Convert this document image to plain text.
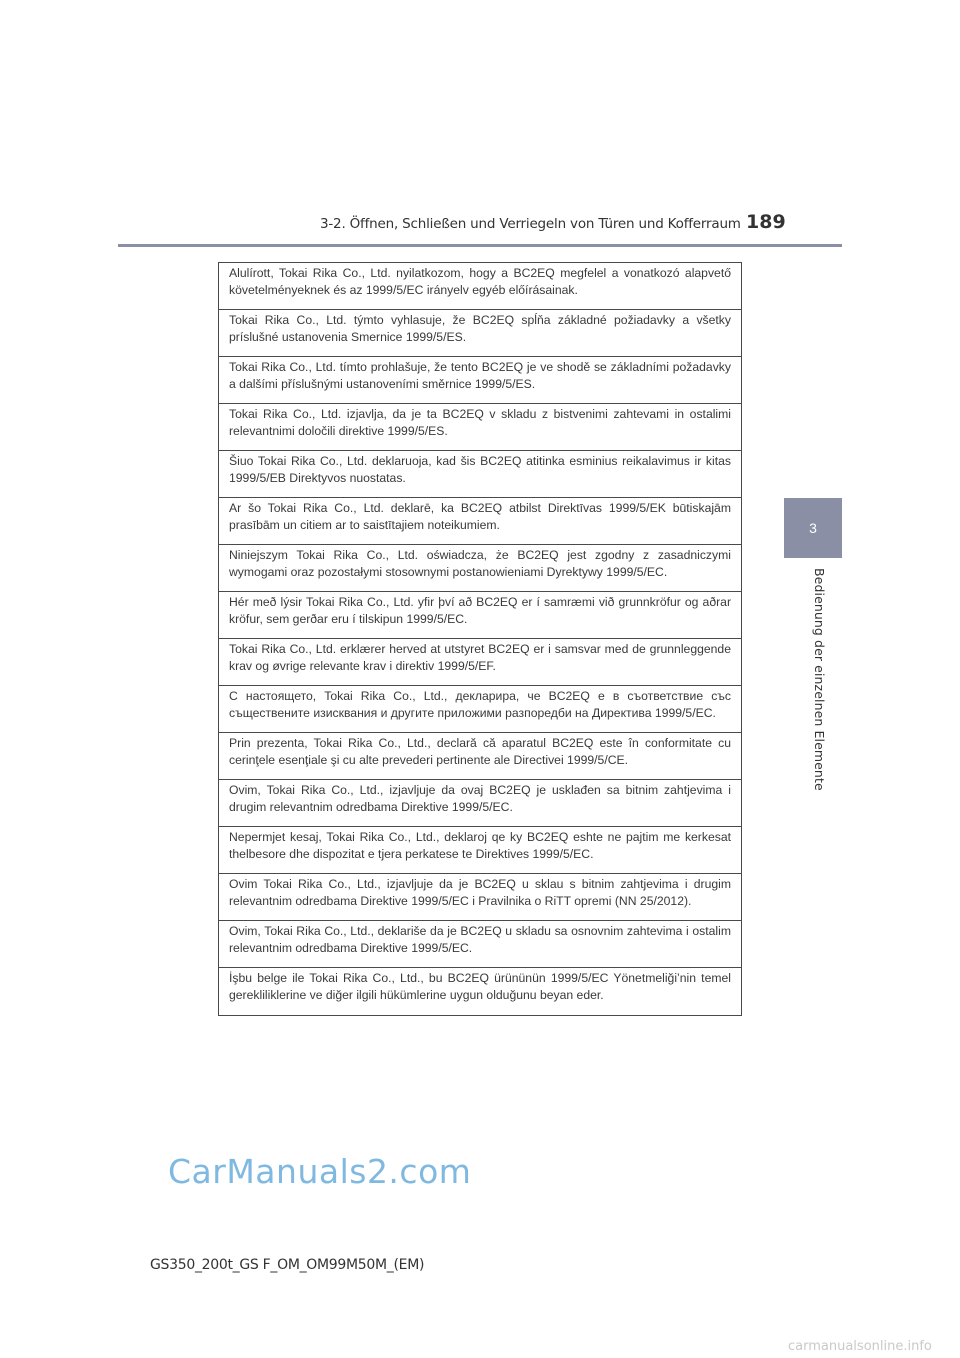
3-2. Öffnen, Schließen und Verriegeln von Türen und Kofferraum 189
3
Bedienung der einzelnen Elemente
Alulírott, Tokai Rika Co., Ltd. nyilatkozom, hogy a BC2EQ megfelel a vonatkozó alapvető követelményeknek és az 1999/5/EC irányelv egyéb előírásainak.
Tokai Rika Co., Ltd. týmto vyhlasuje, že BC2EQ spĺňa základné požiadavky a všetky príslušné ustanovenia Smernice 1999/5/ES.
Tokai Rika Co., Ltd. tímto prohlašuje, že tento BC2EQ je ve shodě se základními požadavky a dalšími příslušnými ustanoveními směrnice 1999/5/ES.
Tokai Rika Co., Ltd. izjavlja, da je ta BC2EQ v skladu z bistvenimi zahtevami in ostalimi relevantnimi določili direktive 1999/5/ES.
Šiuo Tokai Rika Co., Ltd. deklaruoja, kad šis BC2EQ atitinka esminius reikalavimus ir kitas 1999/5/EB Direktyvos nuostatas.
Ar šo Tokai Rika Co., Ltd. deklarē, ka BC2EQ atbilst Direktīvas 1999/5/EK būtiskajām prasībām un citiem ar to saistītajiem noteikumiem.
Niniejszym Tokai Rika Co., Ltd. oświadcza, że BC2EQ jest zgodny z zasadniczymi wymogami oraz pozostałymi stosownymi postanowieniami Dyrektywy 1999/5/EC.
Hér með lýsir Tokai Rika Co., Ltd. yfir því að BC2EQ er í samræmi við grunnkröfur og aðrar kröfur, sem gerðar eru í tilskipun 1999/5/EC.
Tokai Rika Co., Ltd. erklærer herved at utstyret BC2EQ er i samsvar med de grunnleggende krav og øvrige relevante krav i direktiv 1999/5/EF.
С настоящето, Tokai Rika Co., Ltd., декларира, че BC2EQ е в съответствие със съществените изисквания и другите приложими разпоредби на Директива 1999/5/EC.
Prin prezenta, Tokai Rika Co., Ltd., declară că aparatul BC2EQ este în conformitate cu cerinţele esenţiale şi cu alte prevederi pertinente ale Directivei 1999/5/CE.
Ovim, Tokai Rika Co., Ltd., izjavljuje da ovaj BC2EQ je usklađen sa bitnim zahtjevima i drugim relevantnim odredbama Direktive 1999/5/EC.
Nepermjet kesaj, Tokai Rika Co., Ltd., deklaroj qe ky BC2EQ eshte ne pajtim me kerkesat thelbesore dhe dispozitat e tjera perkatese te Direktives 1999/5/EC.
Ovim Tokai Rika Co., Ltd., izjavljuje da je BC2EQ u sklau s bitnim zahtjevima i drugim relevantnim odredbama Direktive 1999/5/EC i Pravilnika o RiTT opremi (NN 25/2012).
Ovim, Tokai Rika Co., Ltd., deklariše da je BC2EQ u skladu sa osnovnim zahtevima i ostalim relevantnim odredbama Direktive 1999/5/EC.
İşbu belge ile Tokai Rika Co., Ltd., bu BC2EQ ürününün 1999/5/EC Yönetmeliği’nin temel gerekliliklerine ve diğer ilgili hükümlerine uygun olduğunu beyan eder.
CarManuals2.com
GS350_200t_GS F_OM_OM99M50M_(EM)
carmanualsonline.info
